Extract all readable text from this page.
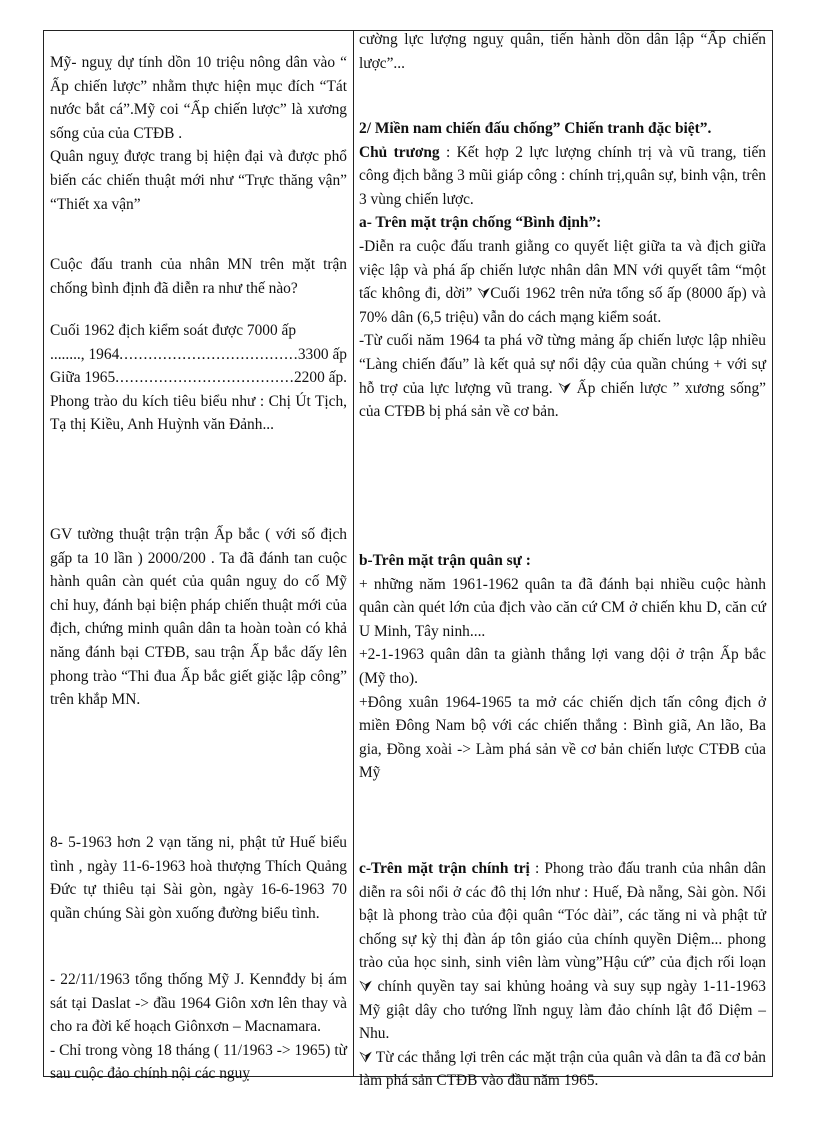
Mỹ- nguỵ dự tính dồn 10 triệu nông dân vào “ Ấp chiến lược” nhằm thực hiện mục đích “Tát nước bắt cá”.Mỹ coi “Ấp chiến lược” là xương sống của của CTĐB .

Quân nguỵ được trang bị hiện đại và được phổ biến các chiến thuật mới như “Trực thăng vận” “Thiết xa vận”

Cuộc đấu tranh của nhân MN trên mặt trận chống bình định đã diễn ra như thế nào?

Cuối 1962 địch kiểm soát được 7000 ấp

........, 1964 .....	3300 ấp
Giữa 1965 .....	2200 ấp.

Phong trào du kích tiêu biểu như : Chị Út Tịch, Tạ thị Kiều, Anh Huỳnh văn Đảnh...

GV tường thuật trận trận Ấp bắc ( với số địch gấp ta 10 lần ) 2000/200 . Ta đã đánh tan cuộc hành quân càn quét của quân nguỵ do cố Mỹ chỉ huy, đánh bại biện pháp chiến thuật mới của địch, chứng minh quân dân ta hoàn toàn có khả năng đánh bại CTĐB, sau trận Ấp bắc dấy lên phong trào “Thi đua Ấp bắc giết giặc lập công” trên khắp MN.

8- 5-1963 hơn 2 vạn tăng ni, phật tử Huế biểu tình , ngày 11-6-1963 hoà thượng Thích Quảng Đức tự thiêu tại Sài gòn, ngày 16-6-1963 70 quần chúng Sài gòn xuống đường biểu tình.

- 22/11/1963 tổng thống Mỹ J. Kennđdy bị ám sát tại Daslat -> đầu 1964 Giôn xơn lên thay và cho ra đời kế hoạch Giônxơn – Macnamara.

- Chỉ trong vòng 18 tháng ( 11/1963 -> 1965) từ sau cuộc đảo chính nội các nguỵ

cường lực lượng nguỵ quân, tiến hành dồn dân lập “Ấp chiến lược”...

2/ Miền nam chiến đấu chống” Chiến tranh đặc biệt”.

Chủ trương : Kết hợp 2 lực lượng chính trị và vũ trang, tiến công địch bằng 3 mũi giáp công : chính trị,quân sự, binh vận, trên 3 vùng chiến lược.

a- Trên mặt trận chống “Bình định”:

-Diễn ra cuộc đấu tranh giằng co quyết liệt giữa ta và địch giữa việc lập và phá ấp chiến lược nhân dân MN với quyết tâm “một tấc không đi, dời” ⮛Cuối 1962 trên nửa tổng số ấp (8000 ấp) và 70% dân (6,5 triệu) vẫn do cách mạng kiểm soát.

-Từ cuối năm 1964 ta phá vỡ từng mảng ấp chiến lược lập nhiều “Làng chiến đấu” là kết quả sự nổi dậy của quần chúng + với sự hỗ trợ của lực lượng vũ trang. ⮛ Ấp chiến lược ” xương sống” của CTĐB bị phá sản về cơ bản.

b-Trên mặt trận quân sự :

+ những năm 1961-1962 quân ta đã đánh bại nhiều cuộc hành quân càn quét lớn của địch vào căn cứ CM ở chiến khu D, căn cứ U Minh, Tây ninh....

+2-1-1963 quân dân ta giành thắng lợi vang dội ở trận Ấp bắc (Mỹ tho).

+Đông xuân 1964-1965 ta mở các chiến dịch tấn công địch ở miền Đông Nam bộ với các chiến thắng : Bình giã, An lão, Ba gia, Đồng xoài -> Làm phá sản về cơ bản chiến lược CTĐB của Mỹ

c-Trên mặt trận chính trị : Phong trào đấu tranh của nhân dân diễn ra sôi nổi ở các đô thị lớn như : Huế, Đà nẵng, Sài gòn. Nổi bật là phong trào của đội quân “Tóc dài”, các tăng ni và phật tử chống sự kỳ thị đàn áp tôn giáo của chính quyền Diệm... phong trào của học sinh, sinh viên làm vùng”Hậu cứ” của địch rối loạn ⮛ chính quyền tay sai khủng hoảng và suy sụp ngày 1-11-1963 Mỹ giật dây cho tướng lĩnh nguỵ làm đảo chính lật đổ Diệm – Nhu.

⮛ Từ các thắng lợi trên các mặt trận của quân và dân ta đã cơ bản làm phá sản CTĐB vào đầu năm 1965.
